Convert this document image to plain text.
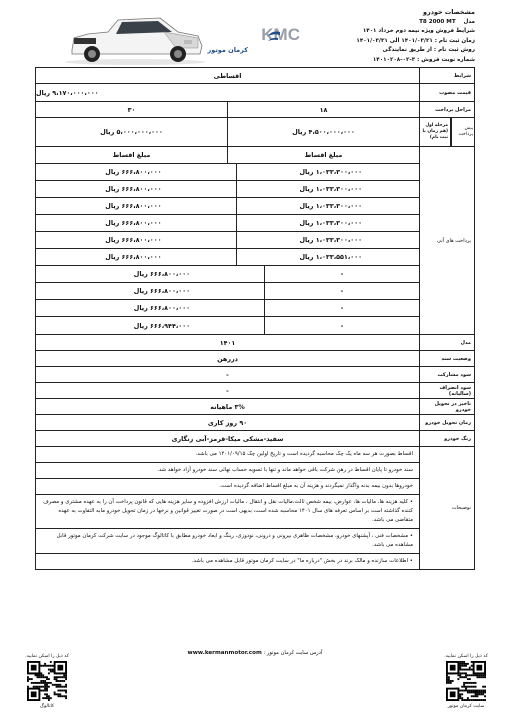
مشخصات خودرو
مدل    T8 2000 MT
شرایط فروش ویژه نیمه دوم خرداد ۱۴۰۱
زمان ثبت نام : ۱۴۰۱/۰۳/۲۱ الی ۱۴۰۱/۰۳/۳۱
روش ثبت نام : از طریق نمایندگی
شماره نوبت فروش : ۳-۰۲-۱۴۰۱۰۲۰۸
KMC
کرمان موتور
شرایط
اقساطی
قیمت مصوب
۹،۱۷۰،۰۰۰،۰۰۰ ریال
مراحل پرداخت
۱۸
۳۰
پیش پرداخت
مرحله اول (هم زمان با ثبت نام)
۴،۵۰۰،۰۰۰،۰۰۰ ریال
۵،۰۰۰،۰۰۰،۰۰۰ ریال
پرداخت های آتی
مبلغ اقساط
مبلغ اقساط
۱،۰۳۳،۳۰۰،۰۰۰ ریال
۶۶۶،۸۰۰،۰۰۰ ریال
۱،۰۳۳،۳۰۰،۰۰۰ ریال
۶۶۶،۸۰۰،۰۰۰ ریال
۱،۰۳۳،۳۰۰،۰۰۰ ریال
۶۶۶،۸۰۰،۰۰۰ ریال
۱،۰۳۳،۳۰۰،۰۰۰ ریال
۶۶۶،۸۰۰،۰۰۰ ریال
۱،۰۳۳،۳۰۰،۰۰۰ ریال
۶۶۶،۸۰۰،۰۰۰ ریال
۱،۰۳۳،۵۵۱،۰۰۰ ریال
۶۶۶،۸۰۰،۰۰۰ ریال
-
۶۶۶،۸۰۰،۰۰۰ ریال
-
۶۶۶،۸۰۰،۰۰۰ ریال
-
۶۶۶،۸۰۰،۰۰۰ ریال
-
۶۶۶،۹۴۴،۰۰۰ ریال
مدل
۱۴۰۱
وضعیت سند
دررهن
سود مشارکت
-
سود انصراف (سالیانه)
-
تاخیر در تحویل خودرو
۳% ماهیانه
زمان تحویل خودرو
۹۰ روز کاری
رنگ خودرو
سفید-مشکی میکا-قرمز-آبی زنگاری
توضیحات
اقساط بصورت هر سه ماه یک چک محاسبه گردیده است و تاریخ اولین چک ۱۴۰۱/۰۹/۱۵ می باشد.
سند خودرو تا پایان اقساط در رهن شرکت باقی خواهد ماند و تنها با تسویه حساب نهائی سند خودرو آزاد خواهد شد.
خودروها بدون بیمه بدنه واگذار نمیگردند و هزینه آن به مبلغ اقساط اضافه گردیده است.
• کلیه هزینه ها، مالیات ها، عوارض، بیمه شخص ثالث،مالیات نقل و انتقال ، مالیات ارزش افزوده و سایر هزینه هایی که قانون پرداخت آن را به عهده مشتری و مصرف کننده گذاشته است بر اساس تعرفه های سال ۱۴۰۱ محاسبه شده است، بدیهی است در صورت تغییر قوانین و نرخها در زمان تحویل خودرو مابه التفاوت به عهده متقاضی می باشد.
• مشخصات فنی ، آپشنهای خودرو، مشخصات ظاهری بیرونی و درونی، نودوزی، رینگ و ابعاد خودرو مطابق با کاتالوگ موجود در سایت شرکت کرمان موتور قابل مشاهده می باشد.
• اطلاعات سازنده و مالک برند در بخش "درباره ما" در سایت کرمان موتور قابل مشاهده می باشد.
کد ذیل را اسکن نمایید.
کاتالوگ
کد ذیل را اسکن نمایید.
سایت کرمان موتور
آدرس سایت کرمان موتور : www.kermanmotor.com
